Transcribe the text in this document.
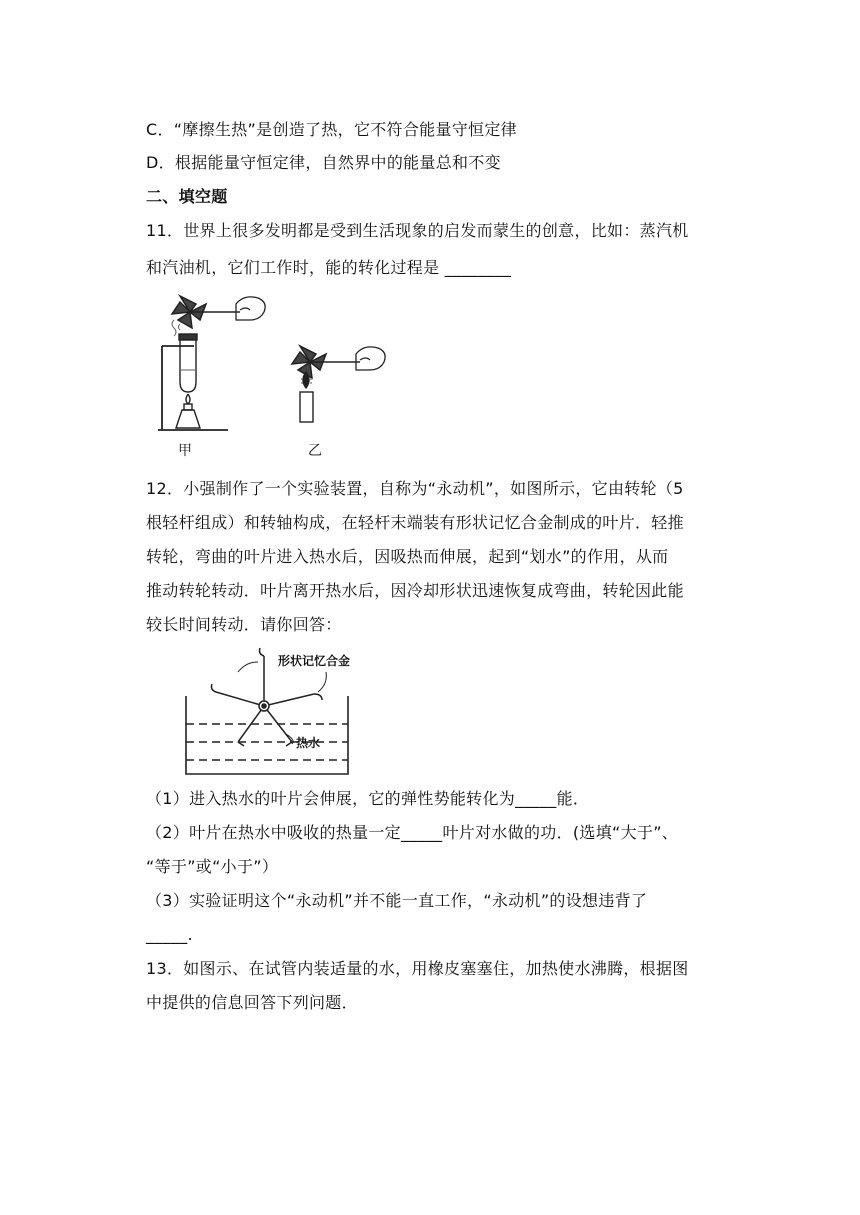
C．“摩擦生热”是创造了热，它不符合能量守恒定律
D．根据能量守恒定律，自然界中的能量总和不变
二、填空题
11．世界上很多发明都是受到生活现象的启发而蒙生的创意，比如：蒸汽机
和汽油机，它们工作时，能的转化过程是 ________
甲	乙
12．小强制作了一个实验装置，自称为“永动机”，如图所示，它由转轮（5
根轻杆组成）和转轴构成，在轻杆末端装有形状记忆合金制成的叶片．轻推
转轮，弯曲的叶片进入热水后，因吸热而伸展，起到“划水”的作用，从而
推动转轮转动．叶片离开热水后，因冷却形状迅速恢复成弯曲，转轮因此能
较长时间转动．请你回答：
形状记忆合金
热水
（1）进入热水的叶片会伸展，它的弹性势能转化为_____能．
（2）叶片在热水中吸收的热量一定_____叶片对水做的功．(选填“大于”、
“等于”或“小于”）
（3）实验证明这个“永动机”并不能一直工作，“永动机”的设想违背了
_____.
13．如图示、在试管内装适量的水，用橡皮塞塞住，加热使水沸腾，根据图
中提供的信息回答下列问题．
